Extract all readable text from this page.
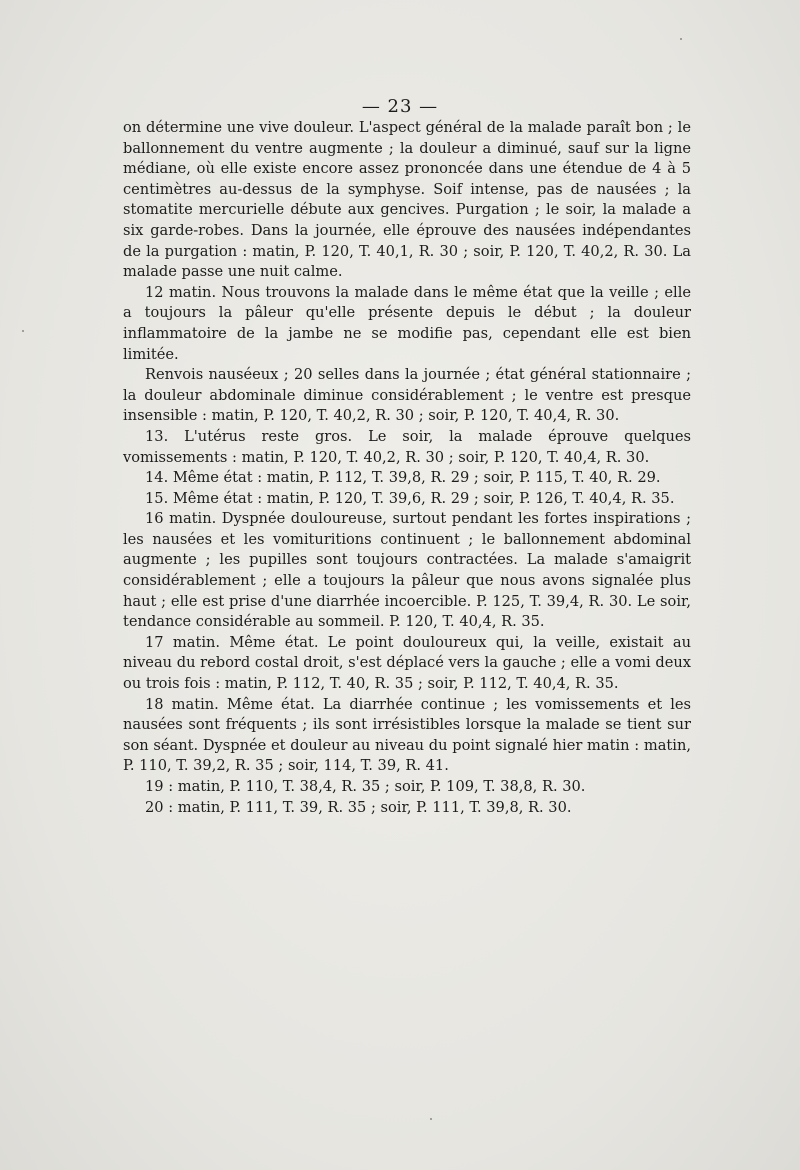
— 23 —

on détermine une vive douleur. L'aspect général de la malade paraît bon ; le ballonnement du ventre augmente ; la douleur a diminué, sauf sur la ligne médiane, où elle existe encore assez prononcée dans une étendue de 4 à 5 centimètres au-dessus de la symphyse. Soif intense, pas de nausées ; la stomatite mercurielle débute aux gencives. Purgation ; le soir, la malade a six garde-robes. Dans la journée, elle éprouve des nausées indépendantes de la purgation : matin, P. 120, T. 40,1, R. 30 ; soir, P. 120, T. 40,2, R. 30. La malade passe une nuit calme.

12 matin. Nous trouvons la malade dans le même état que la veille ; elle a toujours la pâleur qu'elle présente depuis le début ; la douleur inflammatoire de la jambe ne se modifie pas, cependant elle est bien limitée.

Renvois nauséeux ; 20 selles dans la journée ; état général stationnaire ; la douleur abdominale diminue considérablement ; le ventre est presque insensible : matin, P. 120, T. 40,2, R. 30 ; soir, P. 120, T. 40,4, R. 30.

13. L'utérus reste gros. Le soir, la malade éprouve quelques vomissements : matin, P. 120, T. 40,2, R. 30 ; soir, P. 120, T. 40,4, R. 30.

14. Même état : matin, P. 112, T. 39,8, R. 29 ; soir, P. 115, T. 40, R. 29.

15. Même état : matin, P. 120, T. 39,6, R. 29 ; soir, P. 126, T. 40,4, R. 35.

16 matin. Dyspnée douloureuse, surtout pendant les fortes inspirations ; les nausées et les vomituritions continuent ; le ballonnement abdominal augmente ; les pupilles sont toujours contractées. La malade s'amaigrit considérablement ; elle a toujours la pâleur que nous avons signalée plus haut ; elle est prise d'une diarrhée incoercible. P. 125, T. 39,4, R. 30. Le soir, tendance considérable au sommeil. P. 120, T. 40,4, R. 35.

17 matin. Même état. Le point douloureux qui, la veille, existait au niveau du rebord costal droit, s'est déplacé vers la gauche ; elle a vomi deux ou trois fois : matin, P. 112, T. 40, R. 35 ; soir, P. 112, T. 40,4, R. 35.

18 matin. Même état. La diarrhée continue ; les vomissements et les nausées sont fréquents ; ils sont irrésistibles lorsque la malade se tient sur son séant. Dyspnée et douleur au niveau du point signalé hier matin : matin, P. 110, T. 39,2, R. 35 ; soir, 114, T. 39, R. 41.

19 : matin, P. 110, T. 38,4, R. 35 ; soir, P. 109, T. 38,8, R. 30.

20 : matin, P. 111, T. 39, R. 35 ; soir, P. 111, T. 39,8, R. 30.
